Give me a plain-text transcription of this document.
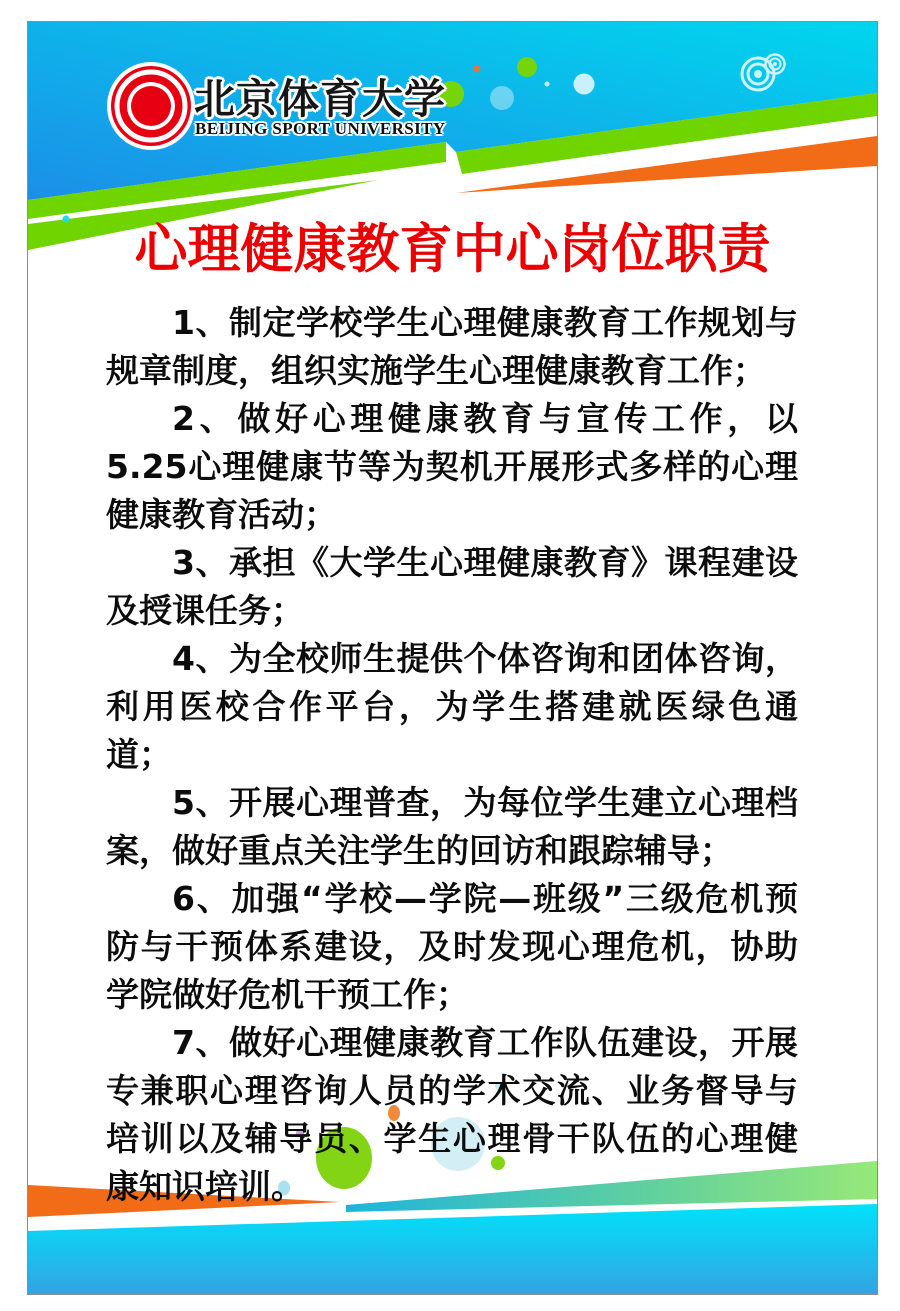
北京体育大学
BEIJING SPORT UNIVERSITY
心理健康教育中心岗位职责

1、制定学校学生心理健康教育工作规划与规章制度，组织实施学生心理健康教育工作；

2、做好心理健康教育与宣传工作，以5.25心理健康节等为契机开展形式多样的心理健康教育活动；

3、承担《大学生心理健康教育》课程建设及授课任务；

4、为全校师生提供个体咨询和团体咨询，利用医校合作平台，为学生搭建就医绿色通道；

5、开展心理普查，为每位学生建立心理档案，做好重点关注学生的回访和跟踪辅导；

6、加强“学校—学院—班级”三级危机预防与干预体系建设，及时发现心理危机，协助学院做好危机干预工作；

7、做好心理健康教育工作队伍建设，开展专兼职心理咨询人员的学术交流、业务督导与培训以及辅导员、学生心理骨干队伍的心理健康知识培训。
